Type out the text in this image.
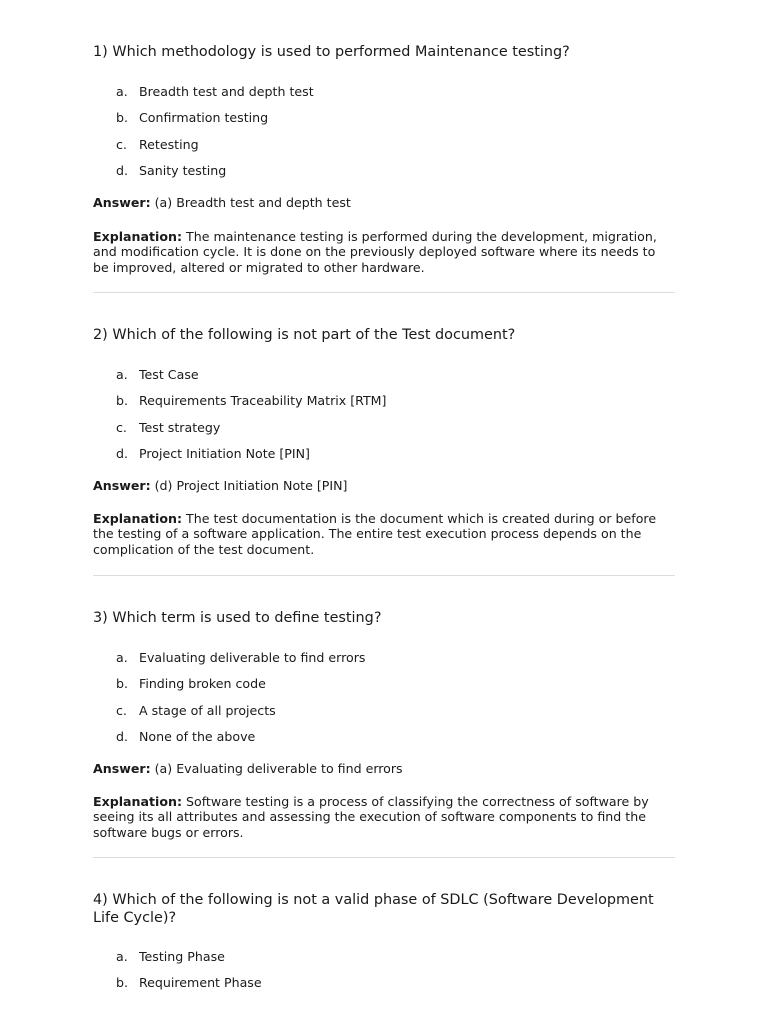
1) Which methodology is used to performed Maintenance testing?
a. Breadth test and depth test
b. Confirmation testing
c. Retesting
d. Sanity testing
Answer: (a) Breadth test and depth test

Explanation: The maintenance testing is performed during the development, migration, and modification cycle. It is done on the previously deployed software where its needs to be improved, altered or migrated to other hardware.

2) Which of the following is not part of the Test document?
a. Test Case
b. Requirements Traceability Matrix [RTM]
c. Test strategy
d. Project Initiation Note [PIN]
Answer: (d) Project Initiation Note [PIN]

Explanation: The test documentation is the document which is created during or before the testing of a software application. The entire test execution process depends on the complication of the test document.

3) Which term is used to define testing?
a. Evaluating deliverable to find errors
b. Finding broken code
c. A stage of all projects
d. None of the above
Answer: (a) Evaluating deliverable to find errors

Explanation: Software testing is a process of classifying the correctness of software by seeing its all attributes and assessing the execution of software components to find the software bugs or errors.

4) Which of the following is not a valid phase of SDLC (Software Development Life Cycle)?
a. Testing Phase
b. Requirement Phase
